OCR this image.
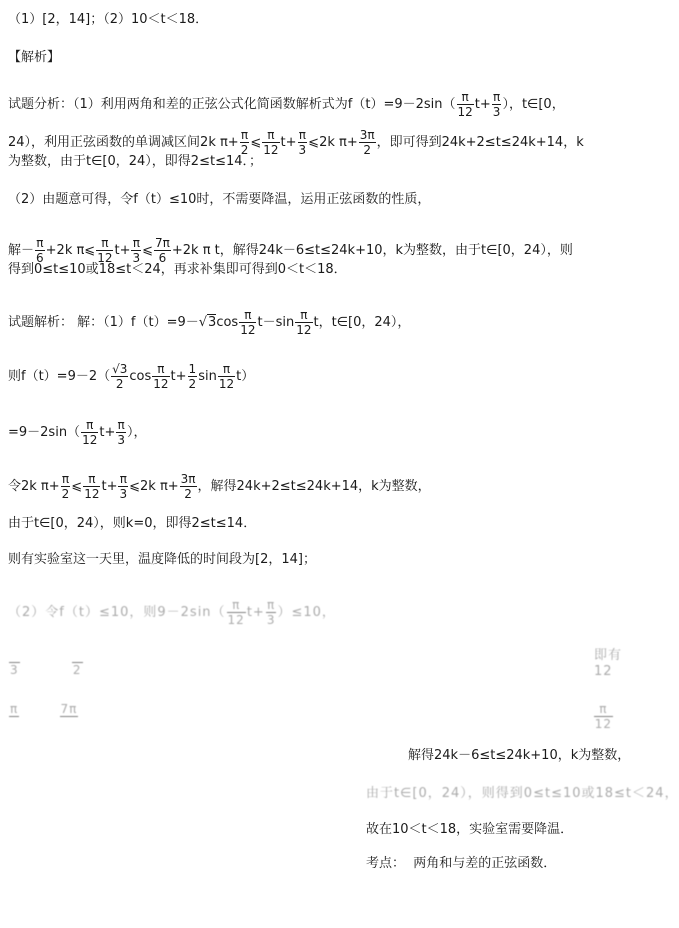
（1）[2，14]；（2）10＜t＜18．
【解析】
试题分析：（1）利用两角和差的正弦公式化简函数解析式为$f(t)=9-2\sin( \frac{\pi}{12} t+ \frac{\pi}{3}$ ），t∈[0，
24），利用正弦函数的单调减区间2k $\pi+ \frac{\pi}{2}$ ⩽ $\frac{\pi}{12} t+ \frac{\pi}{3}$ ⩽2k $\pi+ \frac{3\pi}{2}$ ，即可得到24k+2≤t≤24k+14，k
为整数，由于t∈[0，24），即得2≤t≤14．；
（2）由题意可得，令f（t）≤10时，不需要降温，运用正弦函数的性质，
解－ $\frac{\pi}{6} +2k$ π⩽ $\frac{\pi}{12} t+ \frac{\pi}{3}$ ⩽ $\frac{7\pi}{6} +2k$ π t，解得24k－6≤t≤24k+10，k为整数，由于t∈[0，24），则
得到0≤t≤10或18≤t＜24，再求补集即可得到0＜t＜18．
试题解析： 解：$(1)f(t)=9-√3\cos \frac{\pi}{12} t-\sin \frac{\pi}{12}$ t，t∈[0，24），
则$f(t)=9-2( \frac{√3}{2}$ $\cos \frac{\pi}{12} t+ \frac{1}{2}$ $\sin \frac{\pi}{12} t$）
$=9-2\sin( \frac{\pi}{12} t+ \frac{\pi}{3}$ ），
令2k $\pi+ \frac{\pi}{2}$ ⩽ $\frac{\pi}{12} t+ \frac{\pi}{3}$ ⩽2k $\pi+ \frac{3\pi}{2}$ ，解得24k+2≤t≤24k+14，k为整数，
由于t∈[0，24），则k=0，即得2≤t≤14．
则有实验室这一天里，温度降低的时间段为[2，14]；
（2）令f（t）≤10，则$9-2\sin( \frac{\pi}{12} t+ \frac{\pi}{3} )\le 10$，

3

	2
即有
12
π

	7π
	$\frac{\pi}{12}$
解得24k－6≤t≤24k+10，k为整数，
由于t∈[0，24），则得到0≤t≤10或18≤t＜24，
故在10＜t＜18，实验室需要降温．
考点： 两角和与差的正弦函数．
